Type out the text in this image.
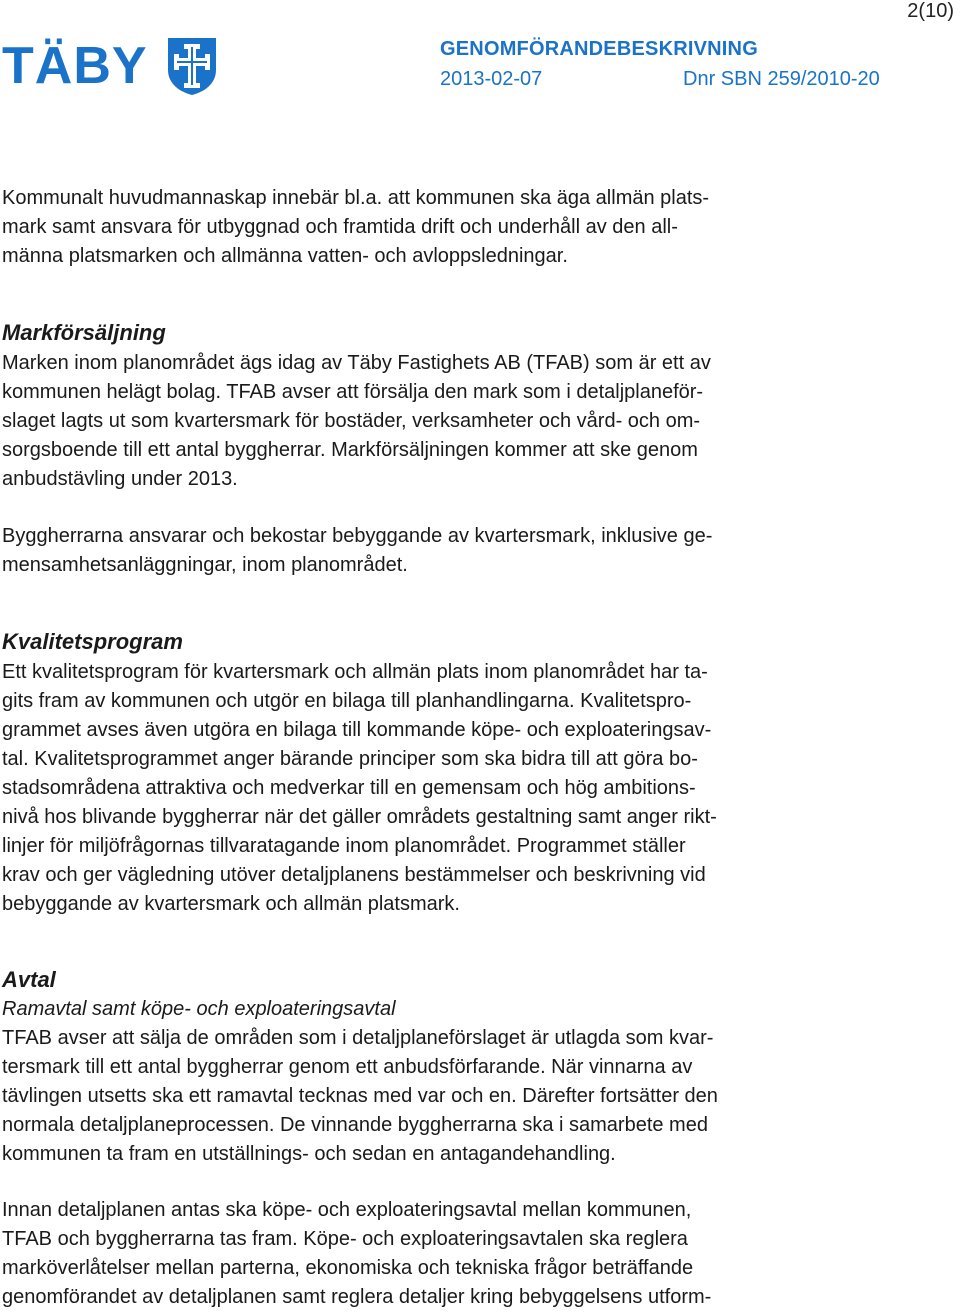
2(10)
TÄBY	GENOMFÖRANDEBESKRIVNING
2013-02-07	Dnr SBN 259/2010-20
Kommunalt huvudmannaskap innebär bl.a. att kommunen ska äga allmän plats-
mark samt ansvara för utbyggnad och framtida drift och underhåll av den all-
männa platsmarken och allmänna vatten- och avloppsledningar.
Markförsäljning
Marken inom planområdet ägs idag av Täby Fastighets AB (TFAB) som är ett av
kommunen helägt bolag. TFAB avser att försälja den mark som i detaljplaneför-
slaget lagts ut som kvartersmark för bostäder, verksamheter och vård- och om-
sorgsboende till ett antal byggherrar. Markförsäljningen kommer att ske genom
anbudstävling under 2013.
Byggherrarna ansvarar och bekostar bebyggande av kvartersmark, inklusive ge-
mensamhetsanläggningar, inom planområdet.
Kvalitetsprogram
Ett kvalitetsprogram för kvartersmark och allmän plats inom planområdet har ta-
gits fram av kommunen och utgör en bilaga till planhandlingarna. Kvalitetspro-
grammet avses även utgöra en bilaga till kommande köpe- och exploateringsav-
tal. Kvalitetsprogrammet anger bärande principer som ska bidra till att göra bo-
stadsområdena attraktiva och medverkar till en gemensam och hög ambitions-
nivå hos blivande byggherrar när det gäller områdets gestaltning samt anger rikt-
linjer för miljöfrågornas tillvaratagande inom planområdet. Programmet ställer
krav och ger vägledning utöver detaljplanens bestämmelser och beskrivning vid
bebyggande av kvartersmark och allmän platsmark.
Avtal
Ramavtal samt köpe- och exploateringsavtal
TFAB avser att sälja de områden som i detaljplaneförslaget är utlagda som kvar-
tersmark till ett antal byggherrar genom ett anbudsförfarande. När vinnarna av
tävlingen utsetts ska ett ramavtal tecknas med var och en. Därefter fortsätter den
normala detaljplaneprocessen. De vinnande byggherrarna ska i samarbete med
kommunen ta fram en utställnings- och sedan en antagandehandling.
Innan detaljplanen antas ska köpe- och exploateringsavtal mellan kommunen,
TFAB och byggherrarna tas fram. Köpe- och exploateringsavtalen ska reglera
marköverlåtelser mellan parterna, ekonomiska och tekniska frågor beträffande
genomförandet av detaljplanen samt reglera detaljer kring bebyggelsens utform-
